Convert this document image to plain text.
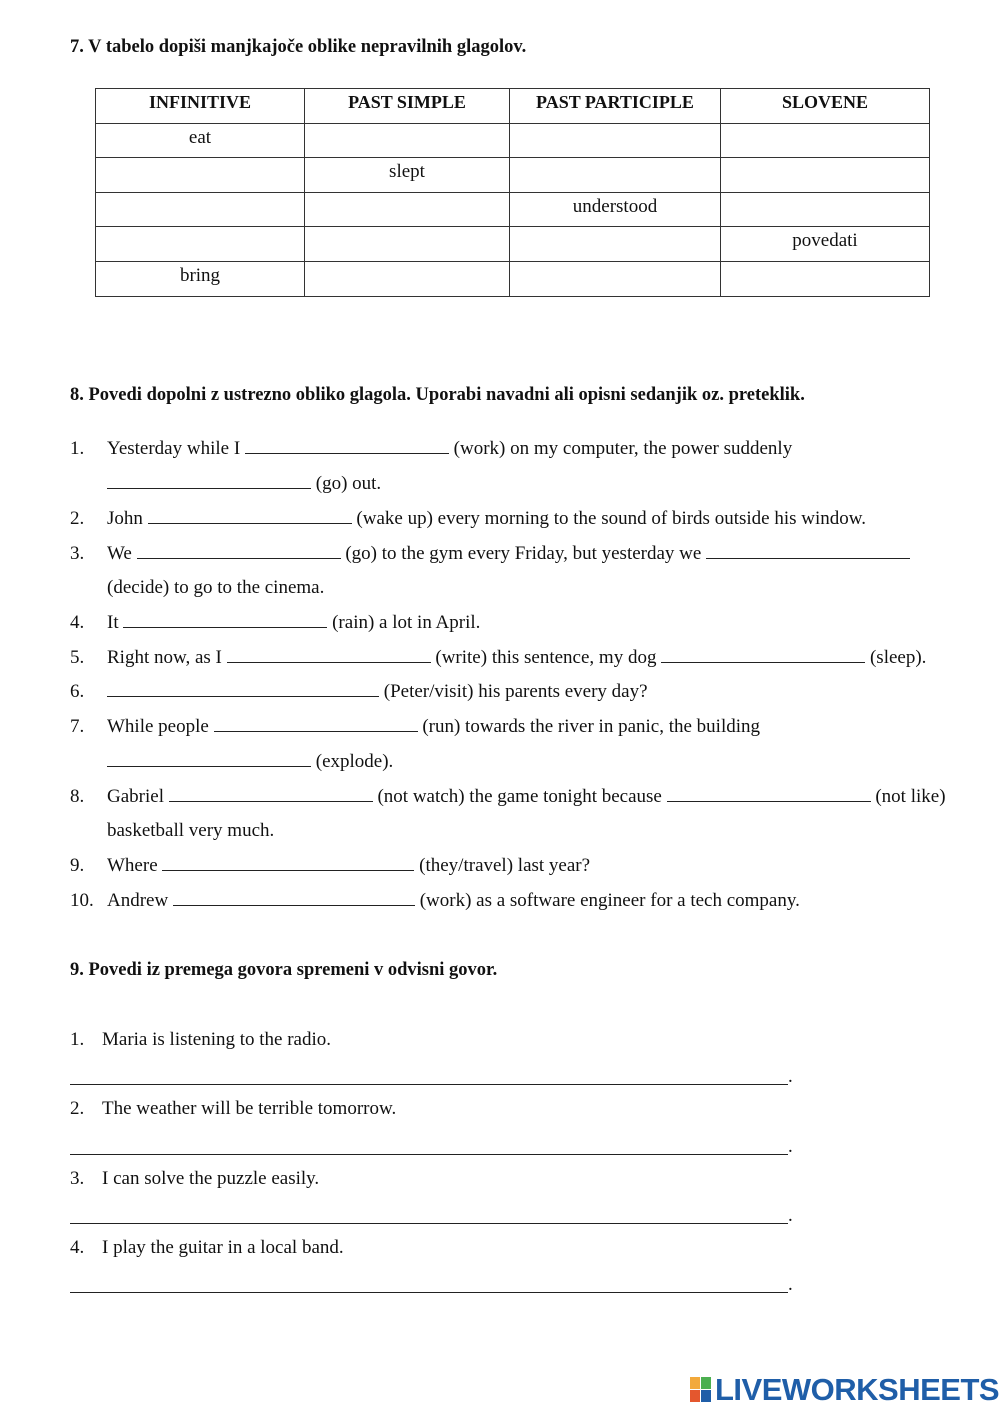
7. V tabelo dopiši manjkajoče oblike nepravilnih glagolov.
INFINITIVE	PAST SIMPLE	PAST PARTICIPLE	SLOVENE
eat			
	slept		
		understood	
			povedati
bring			
8. Povedi dopolni z ustrezno obliko glagola. Uporabi navadni ali opisni sedanjik oz. preteklik.
1. Yesterday while I	(work) on my computer, the power suddenly
(go) out.
2. John	(wake up) every morning to the sound of birds outside his window.
3. We	(go) to the gym every Friday, but yesterday we
(decide) to go to the cinema.
4. It	(rain) a lot in April.
5. Right now, as I	(write) this sentence, my dog	(sleep).
6.	(Peter/visit) his parents every day?
7. While people	(run) towards the river in panic, the building
(explode).
8. Gabriel	(not watch) the game tonight because	(not like)
basketball very much.
9. Where	(they/travel) last year?
10. Andrew	(work) as a software engineer for a tech company.
9. Povedi iz premega govora spremeni v odvisni govor.
1. Maria is listening to the radio.
.
2. The weather will be terrible tomorrow.
.
3. I can solve the puzzle easily.
.
4. I play the guitar in a local band.
.
LIVEWORKSHEETS
